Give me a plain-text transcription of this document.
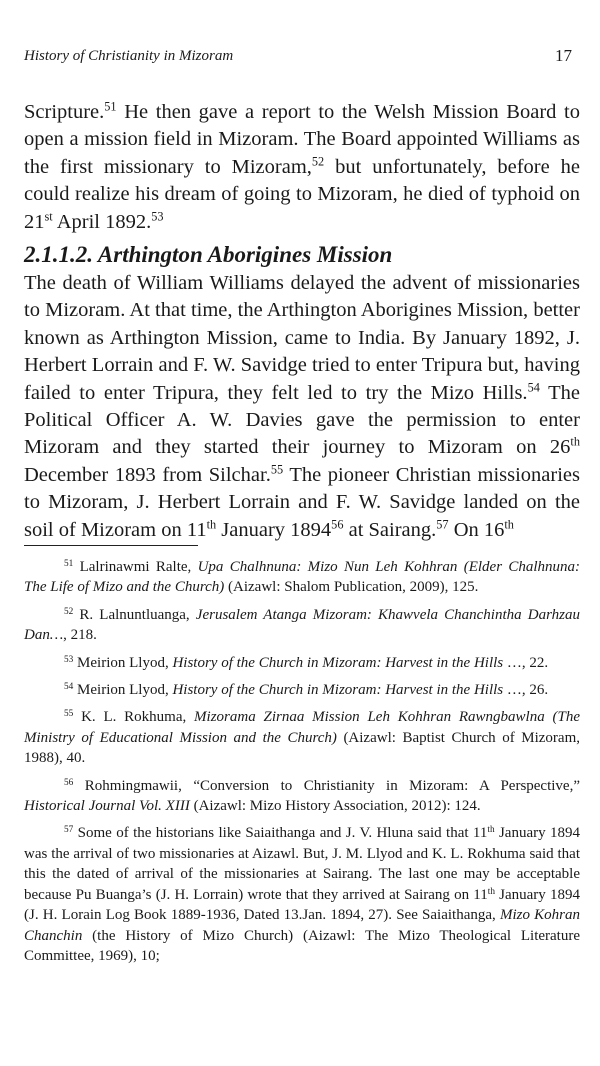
History of Christianity in Mizoram	17
Scripture.$^{51}$ He then gave a report to the Welsh Mission Board to open a mission field in Mizoram. The Board appointed Williams as the first missionary to Mizoram,$^{52}$ but unfortunately, before he could realize his dream of going to Mizoram, he died of typhoid on 21st April 1892.53
2.1.1.2. Arthington Aborigines Mission
The death of William Williams delayed the advent of missionaries to Mizoram. At that time, the Arthington Aborigines Mission, better known as Arthington Mission, came to India. By January 1892, J. Herbert Lorrain and F. W. Savidge tried to enter Tripura but, having failed to enter Tripura, they felt led to try the Mizo Hills.$^{54}$ The Political Officer A. W. Davies gave the permission to enter Mizoram and they started their journey to Mizoram on 26th December 1893 from Silchar.$^{55}$ The pioneer Christian missionaries to Mizoram, J. Herbert Lorrain and F. W. Savidge landed on the soil of Mizoram on 11th January 1894$^{56}$ at Sairang.$^{57}$ On 16th

$^{51}$ Lalrinawmi Ralte, Upa Chalhnuna: Mizo Nun Leh Kohhran (Elder Chalhnuna: The Life of Mizo and the Church) (Aizawl: Shalom Publication, 2009), 125.

$^{52}$ R. Lalnuntluanga, Jerusalem Atanga Mizoram: Khawvela Chanchintha Darhzau Dan…, 218.

$^{53}$ Meirion Llyod, History of the Church in Mizoram: Harvest in the Hills …, 22.

$^{54}$ Meirion Llyod, History of the Church in Mizoram: Harvest in the Hills …, 26.

$^{55}$ K. L. Rokhuma, Mizorama Zirnaa Mission Leh Kohhran Rawngbawlna (The Ministry of Educational Mission and the Church) (Aizawl: Baptist Church of Mizoram, 1988), 40.

$^{56}$ Rohmingmawii, “Conversion to Christianity in Mizoram: A Perspective,” Historical Journal Vol. XIII (Aizawl: Mizo History Association, 2012): 124.

$^{57}$ Some of the historians like Saiaithanga and J. V. Hluna said that 11th January 1894 was the arrival of two missionaries at Aizawl. But, J. M. Llyod and K. L. Rokhuma said that this the dated of arrival of the missionaries at Sairang. The last one may be acceptable because Pu Buanga’s (J. H. Lorrain) wrote that they arrived at Sairang on 11th January 1894 (J. H. Lorain Log Book 1889-1936, Dated 13.Jan. 1894, 27). See Saiaithanga, Mizo Kohran Chanchin (the History of Mizo Church) (Aizawl: The Mizo Theological Literature Committee, 1969), 10;
